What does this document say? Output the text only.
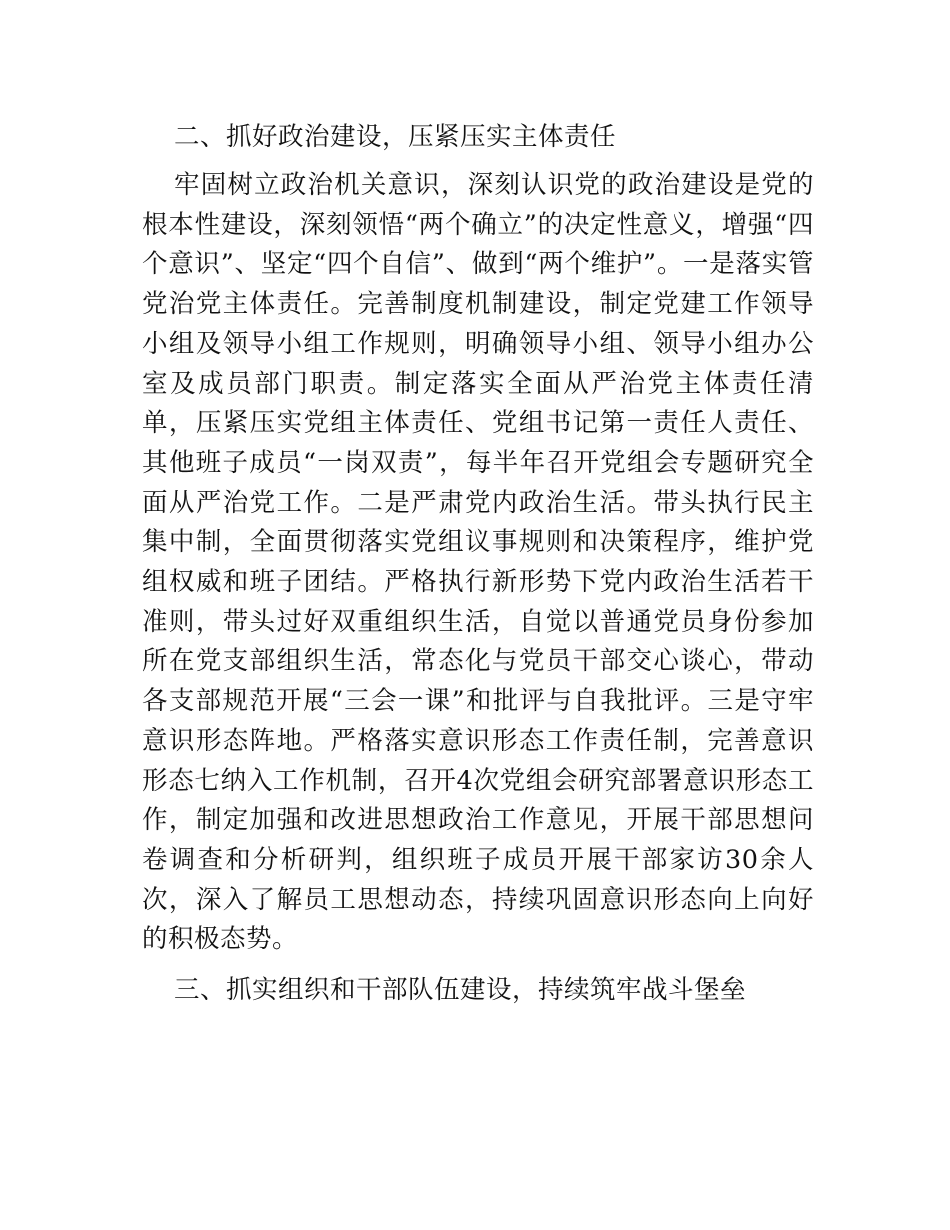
二、抓好政治建设，压紧压实主体责任

牢固树立政治机关意识，深刻认识党的政治建设是党的根本性建设，深刻领悟“两个确立”的决定性意义，增强“四个意识”、坚定“四个自信”、做到“两个维护”。一是落实管党治党主体责任。完善制度机制建设，制定党建工作领导小组及领导小组工作规则，明确领导小组、领导小组办公室及成员部门职责。制定落实全面从严治党主体责任清单，压紧压实党组主体责任、党组书记第一责任人责任、其他班子成员“一岗双责”，每半年召开党组会专题研究全面从严治党工作。二是严肃党内政治生活。带头执行民主集中制，全面贯彻落实党组议事规则和决策程序，维护党组权威和班子团结。严格执行新形势下党内政治生活若干准则，带头过好双重组织生活，自觉以普通党员身份参加所在党支部组织生活，常态化与党员干部交心谈心，带动各支部规范开展“三会一课”和批评与自我批评。三是守牢意识形态阵地。严格落实意识形态工作责任制，完善意识形态七纳入工作机制，召开4次党组会研究部署意识形态工作，制定加强和改进思想政治工作意见，开展干部思想问卷调查和分析研判，组织班子成员开展干部家访30余人次，深入了解员工思想动态，持续巩固意识形态向上向好的积极态势。

三、抓实组织和干部队伍建设，持续筑牢战斗堡垒
